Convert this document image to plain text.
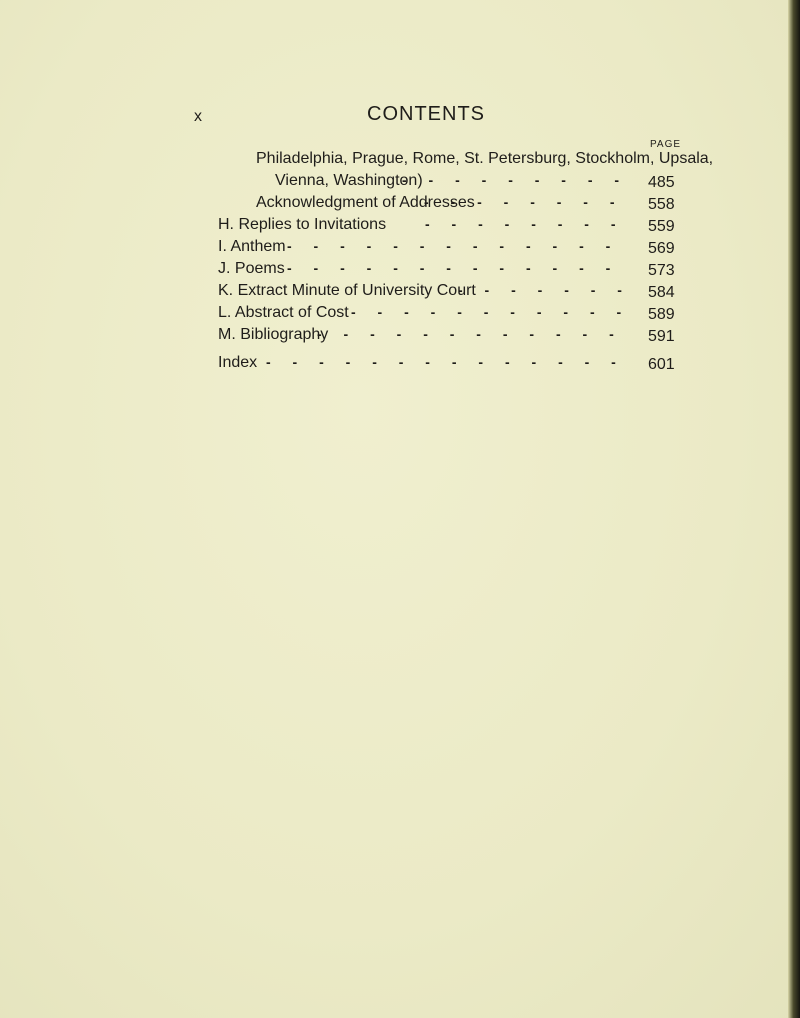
x	CONTENTS
PAGE
Philadelphia, Prague, Rome, St. Petersburg, Stockholm, Upsala,
Vienna, Washington)
- - - - - - - - - 485
Acknowledgment of Addresses
- - - - - - - - 558
H. Replies to Invitations	- - - - - - - - 559
I. Anthem - - - - - - - - - - - - - 569
J. Poems - - - - - - - - - - - - - 573
K. Extract Minute of University Court
- - - - - - - 584
L. Abstract of Cost - - - - - - - - - - - 589
M. Bibliography
- - - - - - - - - - - - 591
Index - - - - - - - - - - - - - - 601
